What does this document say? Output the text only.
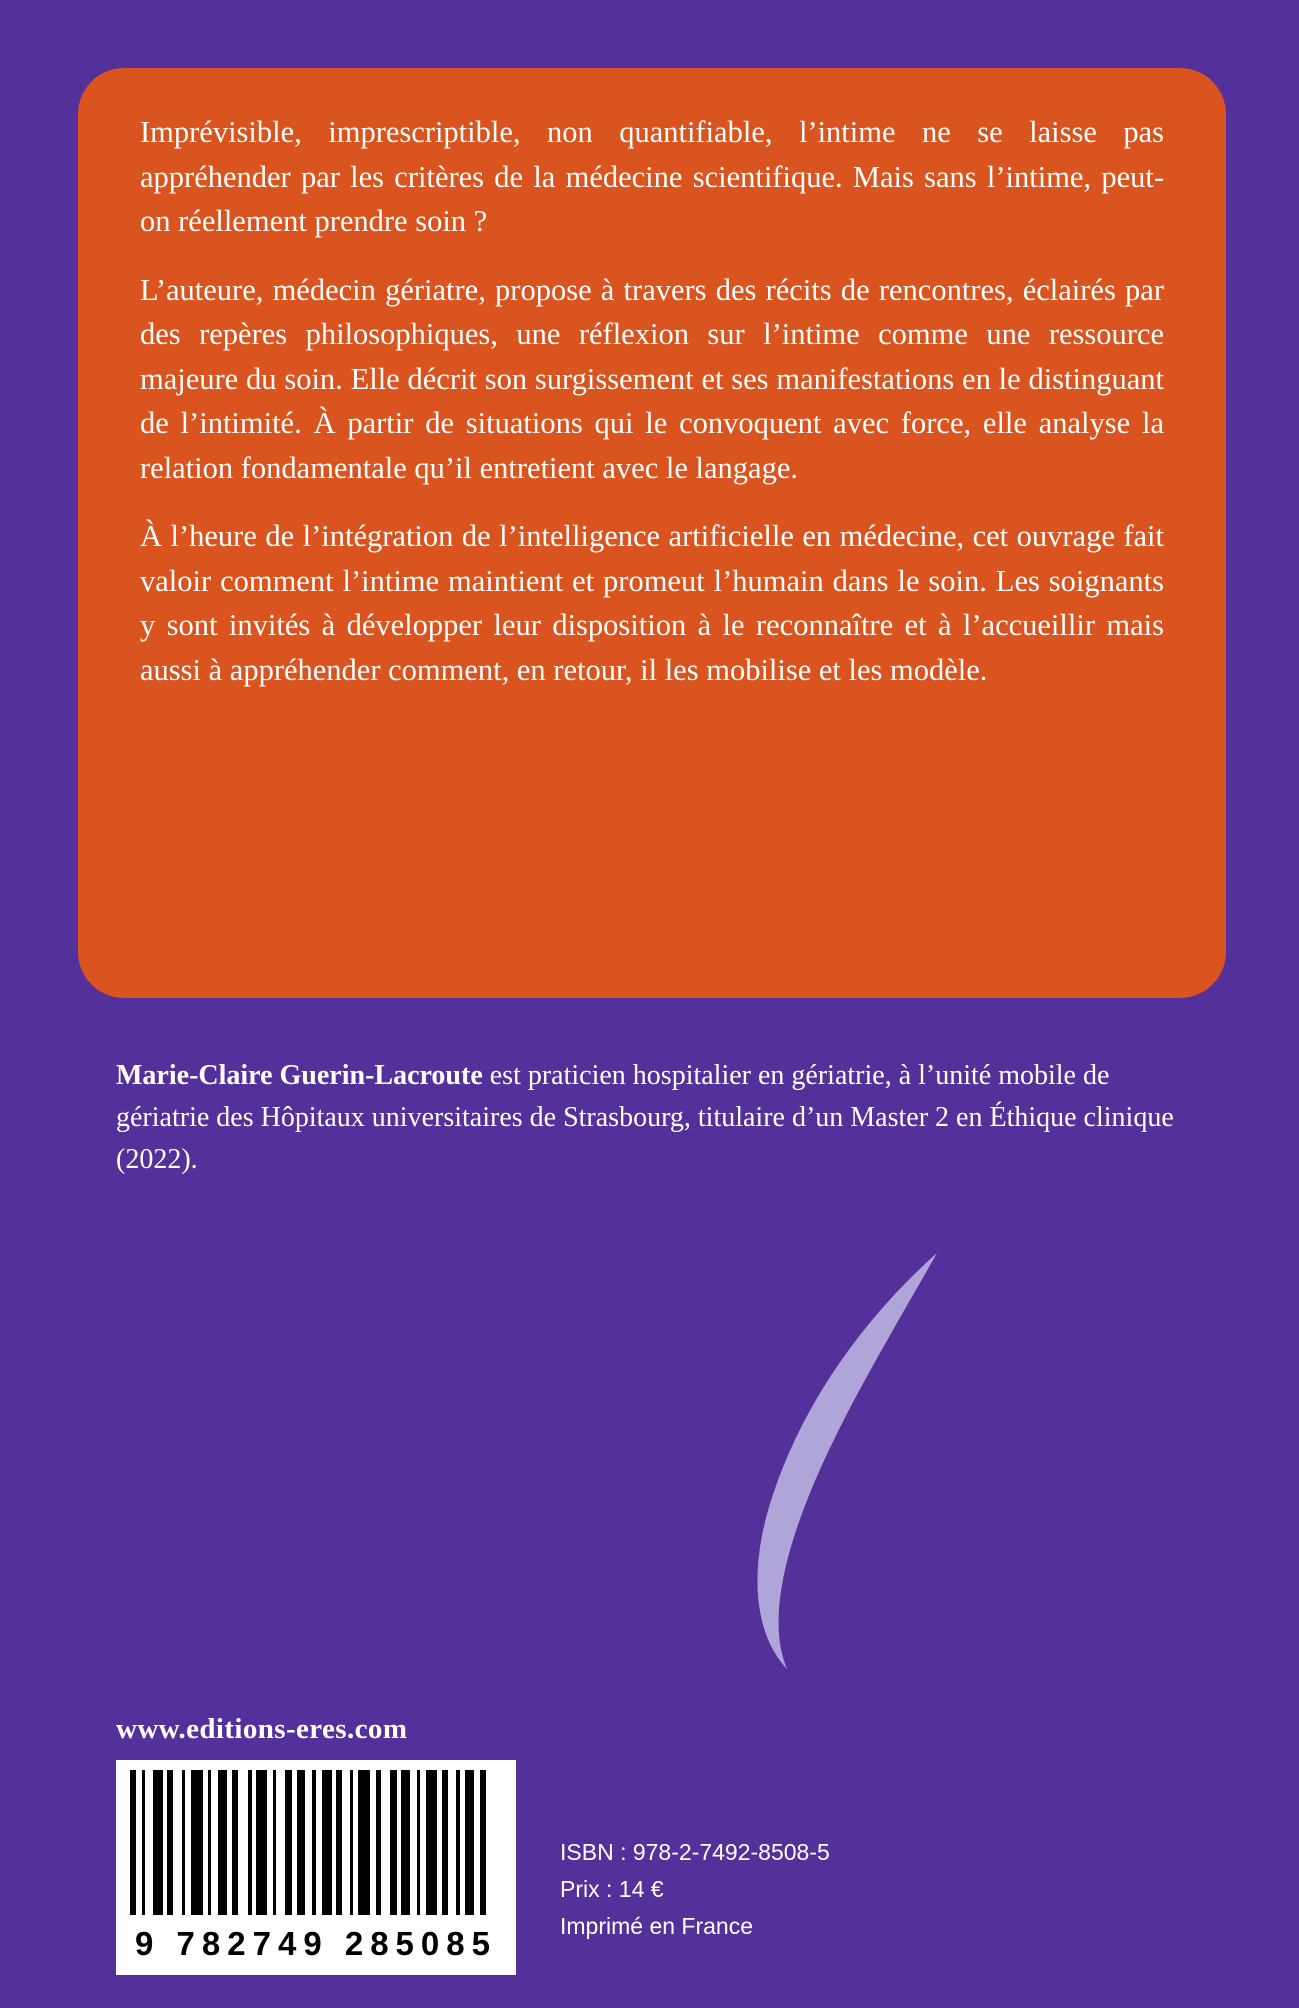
Imprévisible, imprescriptible, non quantifiable, l’intime ne se laisse pas appréhender par les critères de la médecine scientifique. Mais sans l’intime, peut-on réellement prendre soin ?

L’auteure, médecin gériatre, propose à travers des récits de rencontres, éclairés par des repères philosophiques, une réflexion sur l’intime comme une ressource majeure du soin. Elle décrit son surgissement et ses manifestations en le distinguant de l’intimité. À partir de situations qui le convoquent avec force, elle analyse la relation fondamentale qu’il entretient avec le langage.

À l’heure de l’intégration de l’intelligence artificielle en médecine, cet ouvrage fait valoir comment l’intime maintient et promeut l’humain dans le soin. Les soignants y sont invités à développer leur disposition à le reconnaître et à l’accueillir mais aussi à appréhender comment, en retour, il les mobilise et les modèle.

Marie-Claire Guerin-Lacroute est praticien hospitalier en gériatrie, à l’unité mobile de gériatrie des Hôpitaux universitaires de Strasbourg, titulaire d’un Master 2 en Éthique clinique (2022).

www.editions-eres.com
9 782749 285085
ISBN : 978-2-7492-8508-5
Prix : 14 €
Imprimé en France
